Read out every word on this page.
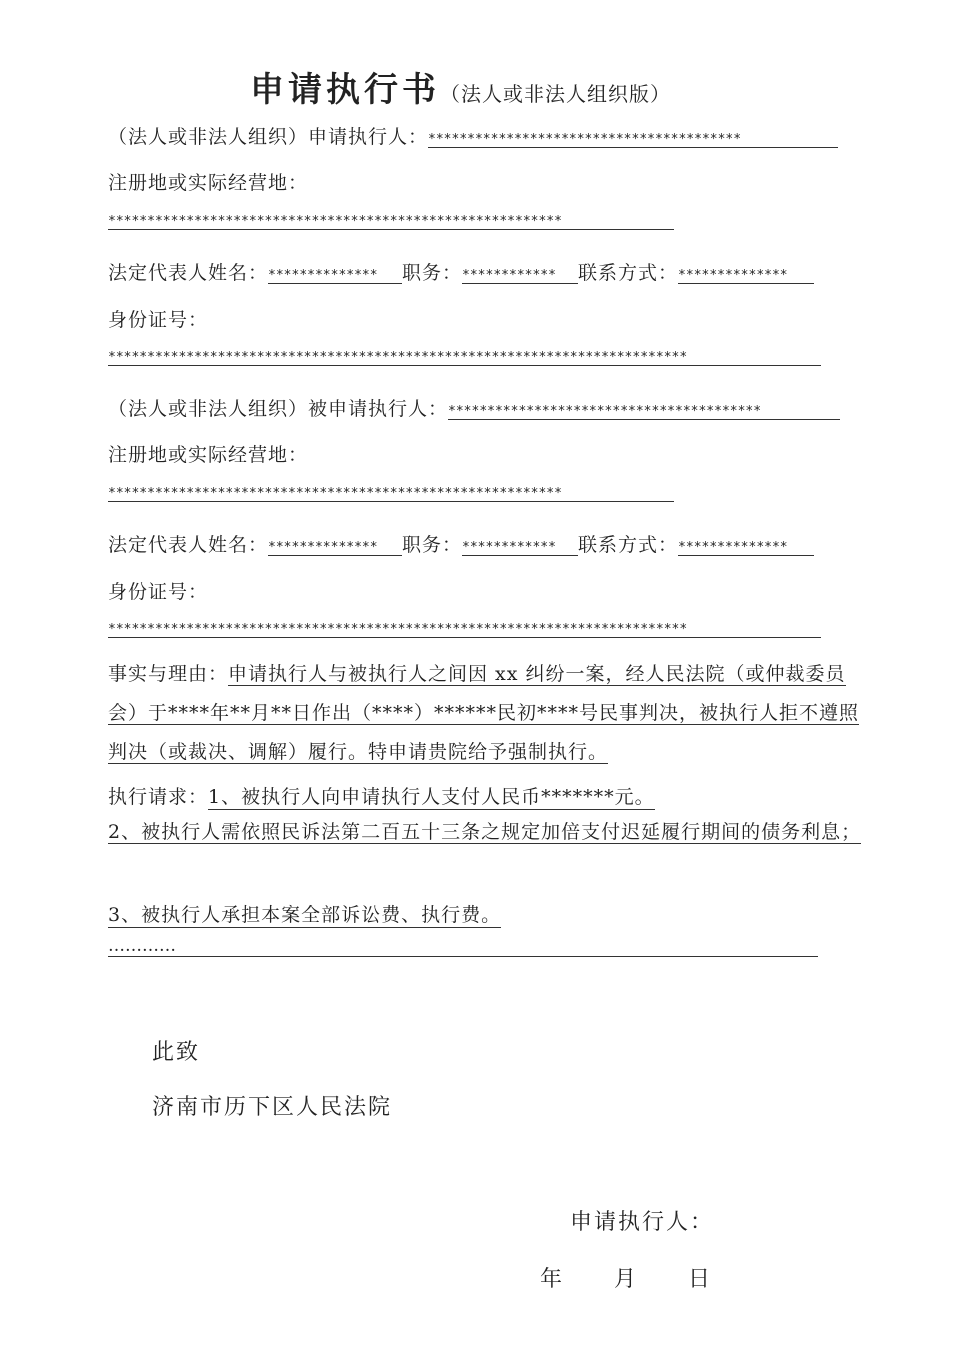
申请执行书（法人或非法人组织版）
（法人或非法人组织）申请执行人：****************************************
注册地或实际经营地：
**********************************************************
法定代表人姓名：************** 职务：************ 联系方式：**************
身份证号：
**************************************************************************
（法人或非法人组织）被申请执行人：****************************************
注册地或实际经营地：
**********************************************************
法定代表人姓名：************** 职务：************ 联系方式：**************
身份证号：
**************************************************************************
事实与理由：申请执行人与被执行人之间因 xx 纠纷一案，经人民法院（或仲裁委员会）于****年**月**日作出（****）******民初****号民事判决，被执行人拒不遵照判决（或裁决、调解）履行。特申请贵院给予强制执行。
执行请求：1、被执行人向申请执行人支付人民币*******元。
2、被执行人需依照民诉法第二百五十三条之规定加倍支付迟延履行期间的债务利息；
3、被执行人承担本案全部诉讼费、执行费。
…………
此致
济南市历下区人民法院
申请执行人：
年 月 日
